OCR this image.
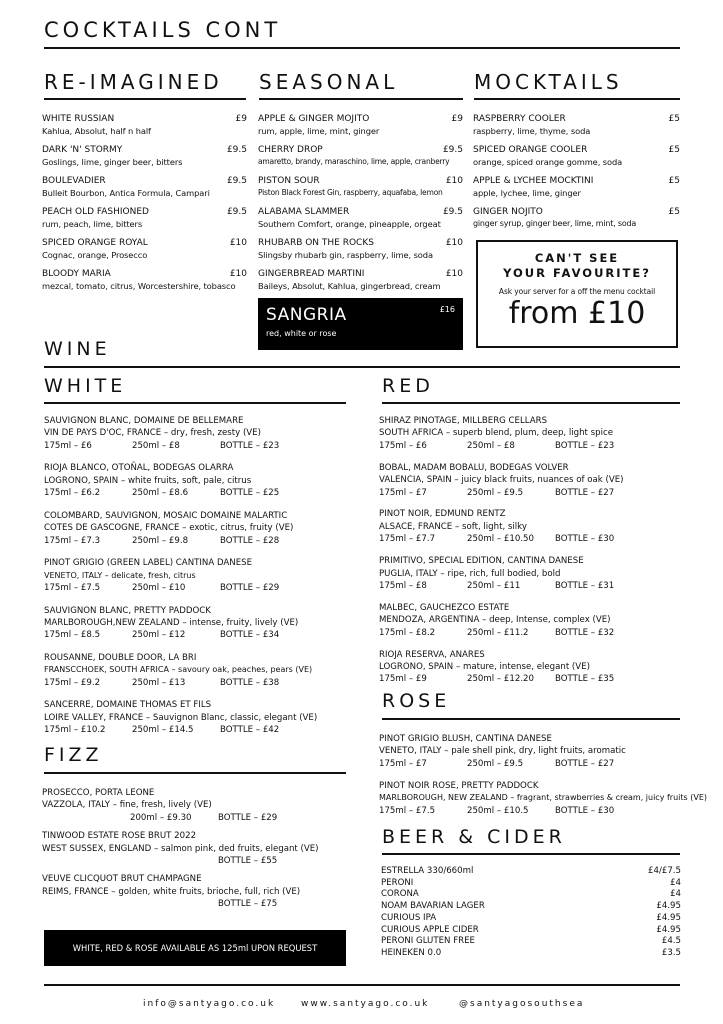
COCKTAILS CONT
RE-IMAGINED SEASONAL	MOCKTAILS
WHITE RUSSIAN
Kahlua, Absolut, half n half
£9
DARK 'N' STORMY
Goslings, lime, ginger beer, bitters
£9.5
BOULEVADIER
Bulleit Bourbon, Antica Formula, Campari
£9.5
PEACH OLD FASHIONED
rum, peach, lime, bitters
£9.5
SPICED ORANGE ROYAL
Cognac, orange, Prosecco
£10
BLOODY MARIA
mezcal, tomato, citrus, Worcestershire, tobasco
£10
APPLE & GINGER MOJITO
rum, apple, lime, mint, ginger
£9
CHERRY DROP
amaretto, brandy, maraschino, lime, apple, cranberry
£9.5
PISTON SOUR
Piston Black Forest Gin, raspberry, aquafaba, lemon
£10
ALABAMA SLAMMER
Southern Comfort, orange, pineapple, orgeat
£9.5
RHUBARB ON THE ROCKS
Slingsby rhubarb gin, raspberry, lime, soda
£10
GINGERBREAD MARTINI
Baileys, Absolut, Kahlua, gingerbread, cream
£10
SANGRIA	£16
red, white or rose
RASPBERRY COOLER
raspberry, lime, thyme, soda
£5
SPICED ORANGE COOLER
orange, spiced orange gomme, soda
£5
APPLE & LYCHEE MOCKTINI
apple, lychee, lime, ginger
£5
GINGER NOJITO
ginger syrup, ginger beer, lime, mint, soda
£5
CAN'T SEE
YOUR FAVOURITE?
Ask your server for a off the menu cocktail
from £10
WINE
WHITE
SAUVIGNON BLANC, DOMAINE DE BELLEMARE
VIN DE PAYS D'OC, FRANCE – dry, fresh, zesty (VE)
175ml – £6	250ml – £8	BOTTLE – £23
RIOJA BLANCO, OTOÑAL, BODEGAS OLARRA
LOGRONO, SPAIN – white fruits, soft, pale, citrus
175ml – £6.2	250ml – £8.6	BOTTLE – £25
COLOMBARD, SAUVIGNON, MOSAIC DOMAINE MALARTIC
COTES DE GASCOGNE, FRANCE – exotic, citrus, fruity (VE)
175ml – £7.3	250ml – £9.8	BOTTLE – £28
PINOT GRIGIO (GREEN LABEL) CANTINA DANESE
VENETO, ITALY – delicate, fresh, citrus
175ml – £7.5	250ml – £10	BOTTLE – £29
SAUVIGNON BLANC, PRETTY PADDOCK
MARLBOROUGH,NEW ZEALAND – intense, fruity, lively (VE)
175ml – £8.5	250ml – £12	BOTTLE – £34
ROUSANNE, DOUBLE DOOR, LA BRI
FRANSCCHOEK, SOUTH AFRICA – savoury oak, peaches, pears (VE)
175ml – £9.2	250ml – £13	BOTTLE – £38
SANCERRE, DOMAINE THOMAS ET FILS
LOIRE VALLEY, FRANCE – Sauvignon Blanc, classic, elegant (VE)
175ml – £10.2	250ml – £14.5	BOTTLE – £42
FIZZ
PROSECCO, PORTA LEONE
VAZZOLA, ITALY – fine, fresh, lively (VE)
200ml – £9.30	BOTTLE – £29
TINWOOD ESTATE ROSE BRUT 2022
WEST SUSSEX, ENGLAND – salmon pink, ded fruits, elegant (VE)
BOTTLE – £55
VEUVE CLICQUOT BRUT CHAMPAGNE
REIMS, FRANCE – golden, white fruits, brioche, full, rich (VE)
BOTTLE – £75
WHITE, RED & ROSE AVAILABLE AS 125ml UPON REQUEST
RED
SHIRAZ PINOTAGE, MILLBERG CELLARS
SOUTH AFRICA – superb blend, plum, deep, light spice
175ml – £6	250ml – £8	BOTTLE – £23
BOBAL, MADAM BOBALU, BODEGAS VOLVER
VALENCIA, SPAIN – juicy black fruits, nuances of oak (VE)
175ml – £7	250ml – £9.5	BOTTLE – £27
PINOT NOIR, EDMUND RENTZ
ALSACE, FRANCE – soft, light, silky
175ml – £7.7	250ml – £10.50 BOTTLE – £30
PRIMITIVO, SPECIAL EDITION, CANTINA DANESE
PUGLIA, ITALY – ripe, rich, full bodied, bold
175ml – £8	250ml – £11	BOTTLE – £31
MALBEC, GAUCHEZCO ESTATE
MENDOZA, ARGENTINA – deep, Intense, complex (VE)
175ml – £8.2	250ml – £11.2	BOTTLE – £32
RIOJA RESERVA, ANARES
LOGRONO, SPAIN – mature, intense, elegant (VE)
175ml – £9	250ml – £12.20 BOTTLE – £35
ROSE
PINOT GRIGIO BLUSH, CANTINA DANESE
VENETO, ITALY – pale shell pink, dry, light fruits, aromatic
175ml – £7	250ml – £9.5	BOTTLE – £27
PINOT NOIR ROSE, PRETTY PADDOCK
MARLBOROUGH, NEW ZEALAND – fragrant, strawberries & cream, juicy fruits (VE)
175ml – £7.5	250ml – £10.5	BOTTLE – £30
BEER & CIDER
ESTRELLA 330/660ml	£4/£7.5
PERONI	£4
CORONA	£4
NOAM BAVARIAN LAGER	£4.95
CURIOUS IPA	£4.95
CURIOUS APPLE CIDER	£4.95
PERONI GLUTEN FREE	£4.5
HEINEKEN 0.0	£3.5
info@santyago.co.uk	www.santyago.co.uk	@santyagosouthsea
